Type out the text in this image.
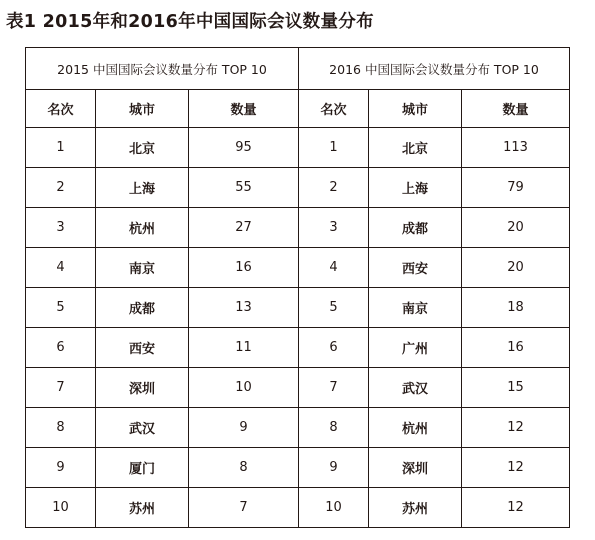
表1 2015年和2016年中国国际会议数量分布
2015 中国国际会议数量分布 TOP 10			2016 中国国际会议数量分布 TOP 10		
名次	城市	数量	名次	城市	数量
1	北京	95	1	北京	113
2	上海	55	2	上海	79
3	杭州	27	3	成都	20
4	南京	16	4	西安	20
5	成都	13	5	南京	18
6	西安	11	6	广州	16
7	深圳	10	7	武汉	15
8	武汉	9	8	杭州	12
9	厦门	8	9	深圳	12
10	苏州	7	10	苏州	12
